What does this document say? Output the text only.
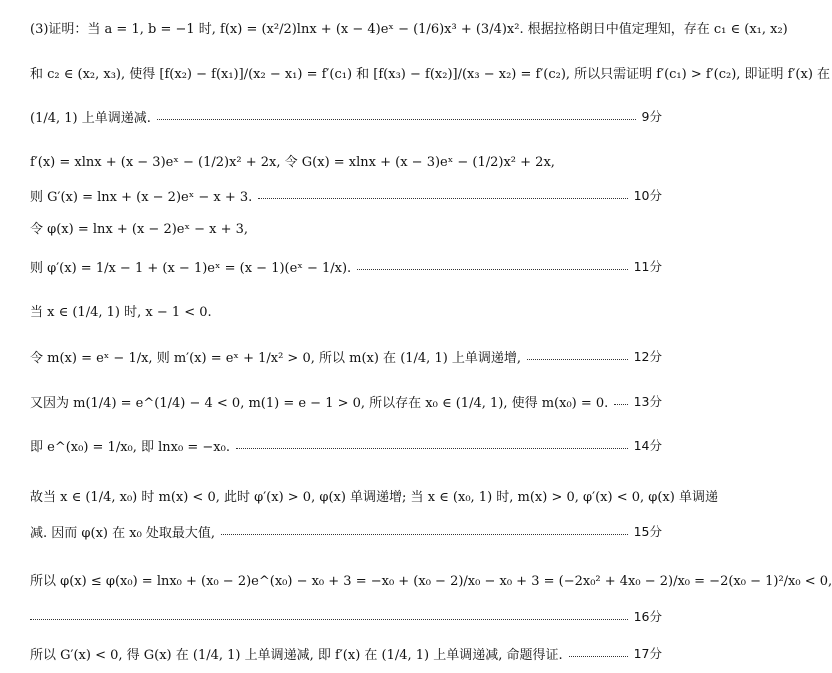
(3)证明：当 a = 1, b = −1 时, f(x) = (x²/2)lnx + (x − 4)eˣ − (1/6)x³ + (3/4)x². 根据拉格朗日中值定理知，存在 c₁ ∈ (x₁, x₂)
和 c₂ ∈ (x₂, x₃), 使得 [f(x₂) − f(x₁)]/(x₂ − x₁) = f′(c₁) 和 [f(x₃) − f(x₂)]/(x₃ − x₂) = f′(c₂), 所以只需证明 f′(c₁) > f′(c₂), 即证明 f′(x) 在
(1/4, 1) 上单调递减.	9分
f′(x) = xlnx + (x − 3)eˣ − (1/2)x² + 2x, 令 G(x) = xlnx + (x − 3)eˣ − (1/2)x² + 2x,
则 G′(x) = lnx + (x − 2)eˣ − x + 3.	10分
令 φ(x) = lnx + (x − 2)eˣ − x + 3,
则 φ′(x) = 1/x − 1 + (x − 1)eˣ = (x − 1)(eˣ − 1/x).	11分
当 x ∈ (1/4, 1) 时, x − 1 < 0.
令 m(x) = eˣ − 1/x, 则 m′(x) = eˣ + 1/x² > 0, 所以 m(x) 在 (1/4, 1) 上单调递增,	12分
又因为 m(1/4) = e^(1/4) − 4 < 0, m(1) = e − 1 > 0, 所以存在 x₀ ∈ (1/4, 1), 使得 m(x₀) = 0. 13分
即 e^(x₀) = 1/x₀, 即 lnx₀ = −x₀.	14分
故当 x ∈ (1/4, x₀) 时 m(x) < 0, 此时 φ′(x) > 0, φ(x) 单调递增; 当 x ∈ (x₀, 1) 时, m(x) > 0, φ′(x) < 0, φ(x) 单调递
减. 因而 φ(x) 在 x₀ 处取最大值,	15分
所以 φ(x) ≤ φ(x₀) = lnx₀ + (x₀ − 2)e^(x₀) − x₀ + 3 = −x₀ + (x₀ − 2)/x₀ − x₀ + 3 = (−2x₀² + 4x₀ − 2)/x₀ = −2(x₀ − 1)²/x₀ < 0,
16分
所以 G′(x) < 0, 得 G(x) 在 (1/4, 1) 上单调递减, 即 f′(x) 在 (1/4, 1) 上单调递减, 命题得证.	17分
